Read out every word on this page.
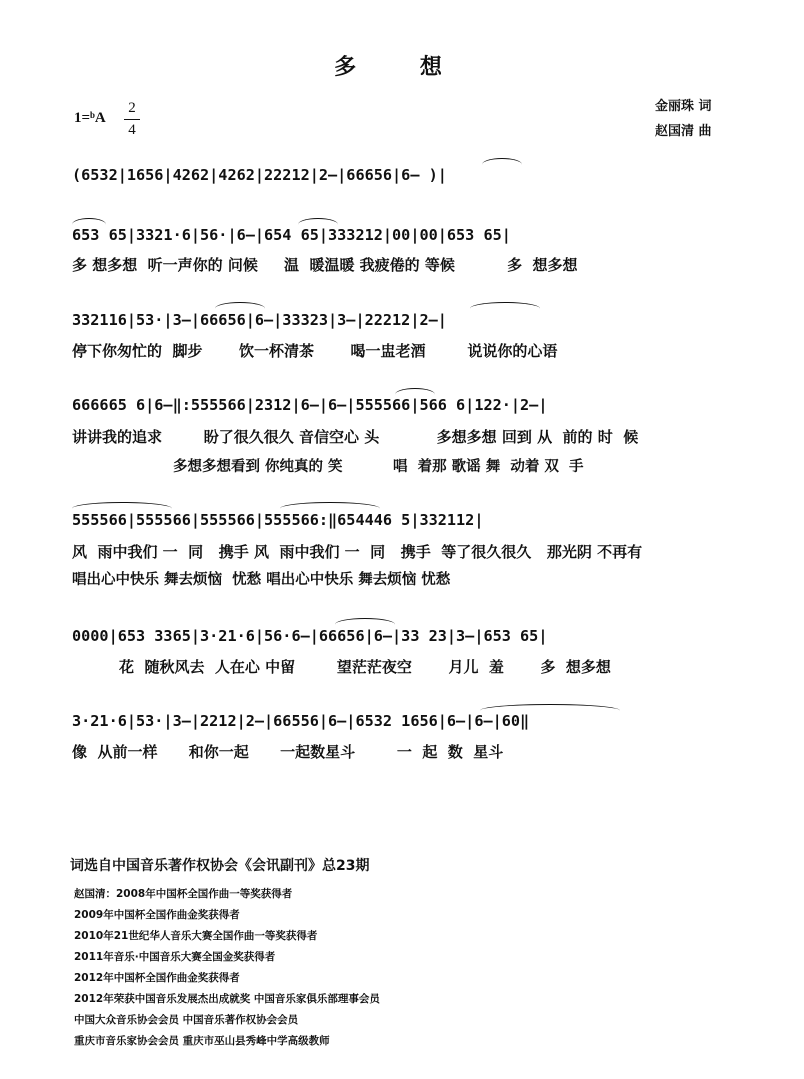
多 想
1=ᵇA
2
4
金丽珠 词
赵国清 曲
(6532|1656|4262|4262|22212|2—|66656|6— )|
653 65|3321·6|56·|6—|654 65|333212|00|00|653 65|
多 想多想  听一声你的 问候     温  暖温暖 我疲倦的 等候          多  想多想
332116|53·|3—|66656|6—|33323|3—|22212|2—|
停下你匆忙的  脚步       饮一杯清茶       喝一盅老酒        说说你的心语
666665 6|6—‖:555566|2312|6—|6—|555566|566 6|122·|2—|
讲讲我的追求        盼了很久很久 音信空心 头           多想多想 回到 从  前的 时  候
多想多想看到 你纯真的 笑          唱  着那 歌谣 舞  动着 双  手
555566|555566|555566|555566:‖654446 5|332112|
风  雨中我们 一  同   携手 风  雨中我们 一  同   携手  等了很久很久   那光阴 不再有
唱出心中快乐 舞去烦恼  忧愁 唱出心中快乐 舞去烦恼 忧愁
0000|653 3365|3·21·6|56·6—|66656|6—|33 23|3—|653 65|
花  随秋风去  人在心 中留        望茫茫夜空       月儿  羞       多  想多想
3·21·6|53·|3—|2212|2—|66556|6—|6532 1656|6—|6—|60‖
像  从前一样      和你一起      一起数星斗        一  起  数  星斗
词选自中国音乐著作权协会《会讯副刊》总23期
赵国清：2008年中国杯全国作曲一等奖获得者
2009年中国杯全国作曲金奖获得者
2010年21世纪华人音乐大赛全国作曲一等奖获得者
2011年音乐·中国音乐大赛全国金奖获得者
2012年中国杯全国作曲金奖获得者
2012年荣获中国音乐发展杰出成就奖 中国音乐家俱乐部理事会员
中国大众音乐协会会员 中国音乐著作权协会会员
重庆市音乐家协会会员 重庆市巫山县秀峰中学高级教师
